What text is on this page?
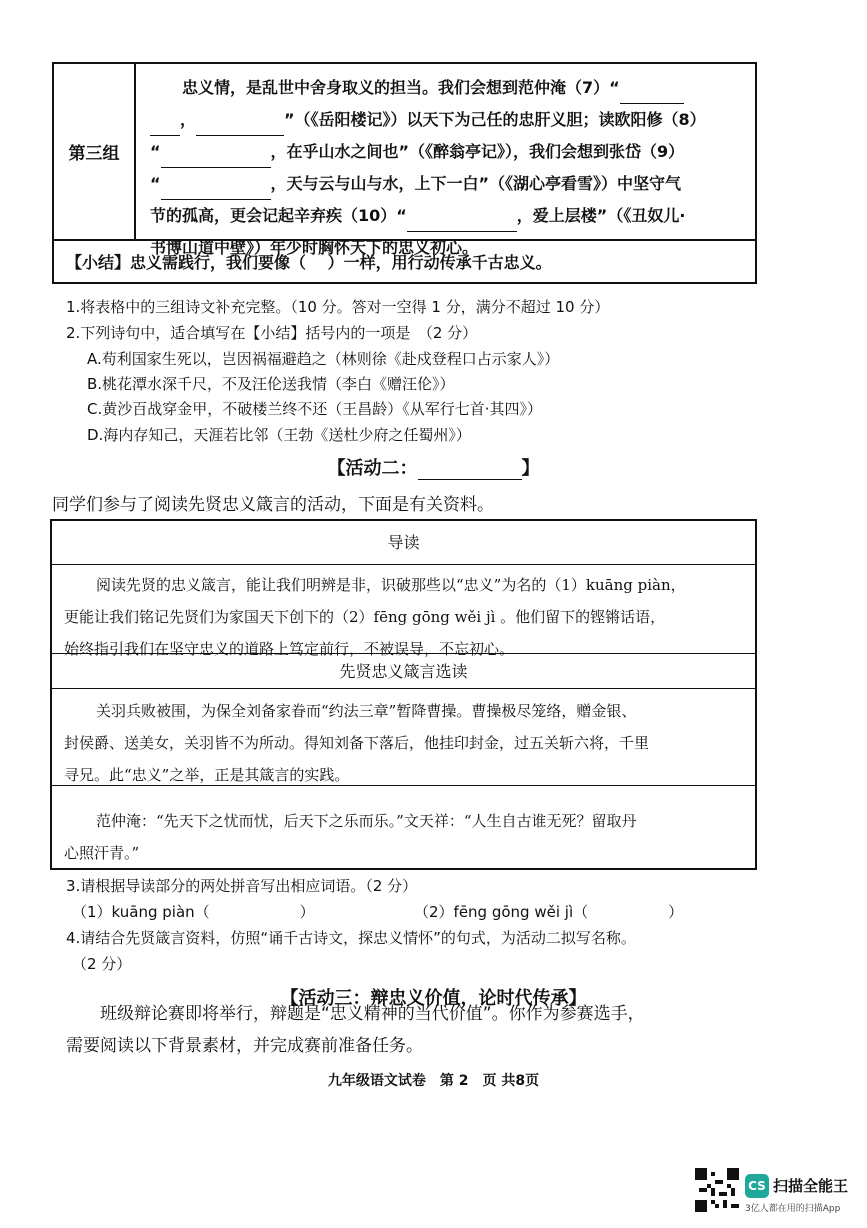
第三组

忠义情，是乱世中舍身取义的担当。我们会想到范仲淹（7）“

，	”（《岳阳楼记》）以天下为己任的忠肝义胆；读欧阳修（8）

“	，在乎山水之间也”（《醉翁亭记》），我们会想到张岱（9）

“	，天与云与山与水，上下一白”（《湖心亭看雪》）中坚守气

节的孤高，更会记起辛弃疾（10）“	，爱上层楼”（《丑奴儿·

书博山道中壁》）年少时胸怀天下的忠义初心。

【小结】忠义需践行，我们要像（　 ）一样，用行动传承千古忠义。
1.将表格中的三组诗文补充完整。（10 分。答对一空得 1 分，满分不超过 10 分）
2.下列诗句中，适合填写在【小结】括号内的一项是　（2 分）
A.苟利国家生死以，岂因祸福避趋之（林则徐《赴戍登程口占示家人》）
B.桃花潭水深千尺，不及汪伦送我情（李白《赠汪伦》）
C.黄沙百战穿金甲，不破楼兰终不还（王昌龄）《从军行七首·其四》）
D.海内存知己，天涯若比邻（王勃《送杜少府之任蜀州》）
【活动二：	】
同学们参与了阅读先贤忠义箴言的活动，下面是有关资料。
导读

阅读先贤的忠义箴言，能让我们明辨是非，识破那些以“忠义”为名的（1）kuāng piàn，

更能让我们铭记先贤们为家国天下创下的（2）fēng gōng wěi jì 。他们留下的铿锵话语，

始终指引我们在坚守忠义的道路上笃定前行，不被误导，不忘初心。

先贤忠义箴言选读

关羽兵败被围，为保全刘备家眷而“约法三章”暂降曹操。曹操极尽笼络，赠金银、

封侯爵、送美女，关羽皆不为所动。得知刘备下落后，他挂印封金，过五关斩六将，千里

寻兄。此“忠义”之举，正是其箴言的实践。

范仲淹：“先天下之忧而忧，后天下之乐而乐。”文天祥：“人生自古谁无死？留取丹

心照汗青。”

3.请根据导读部分的两处拼音写出相应词语。（2 分）
（1）kuāng piàn（	）	（2）fēng gōng wěi jì（	）
4.请结合先贤箴言资料，仿照“诵千古诗文，探忠义情怀”的句式，为活动二拟写名称。
（2 分）
【活动三：辩忠义价值，论时代传承】
班级辩论赛即将举行，辩题是“忠义精神的当代价值”。你作为参赛选手，
需要阅读以下背景素材，并完成赛前准备任务。
九年级语文试卷　第 2　页 共8页
CS 扫描全能王
3亿人都在用的扫描App
